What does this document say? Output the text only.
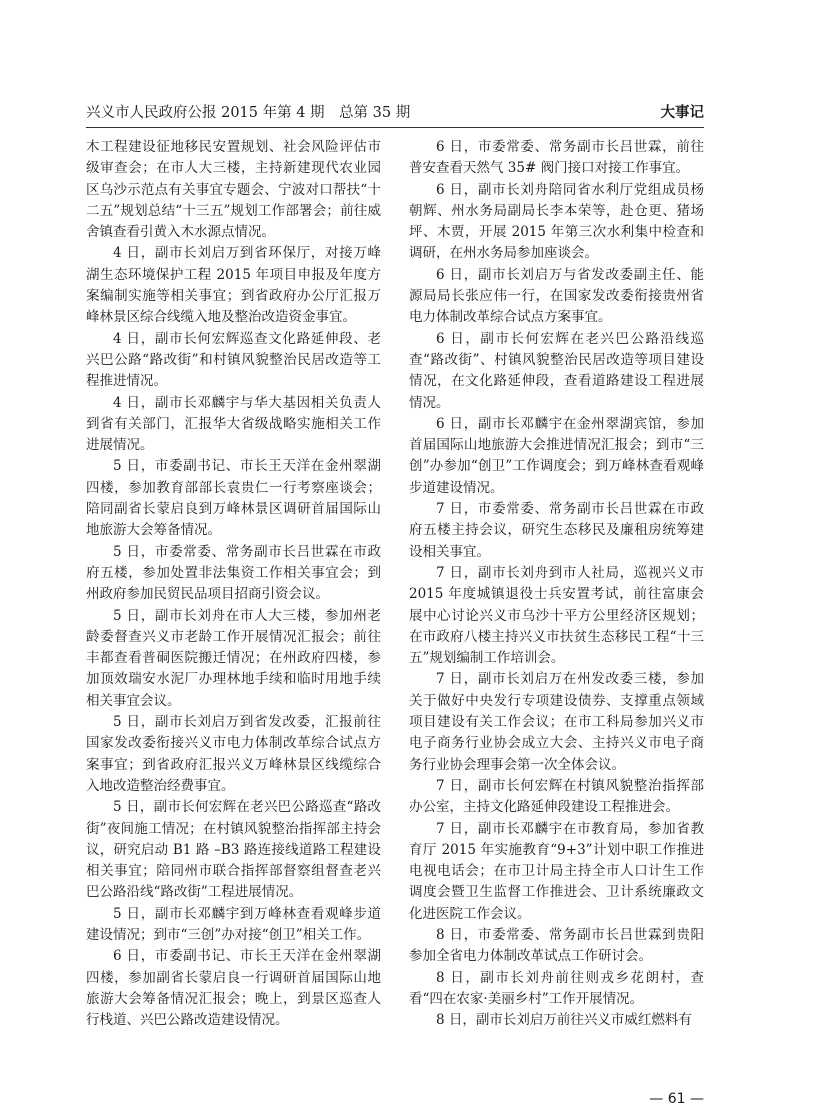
兴义市人民政府公报 2015 年第 4 期　总第 35 期	大事记

木工程建设征地移民安置规划、社会风险评估市级审查会；在市人大三楼，主持新建现代农业园区乌沙示范点有关事宜专题会、宁波对口帮扶“十二五”规划总结“十三五”规划工作部署会；前往威舍镇查看引黄入木水源点情况。

4 日，副市长刘启万到省环保厅，对接万峰湖生态环境保护工程 2015 年项目申报及年度方案编制实施等相关事宜；到省政府办公厅汇报万峰林景区综合线缆入地及整治改造资金事宜。

4 日，副市长何宏辉巡查文化路延伸段、老兴巴公路“路改街”和村镇风貌整治民居改造等工程推进情况。

4 日，副市长邓麟宇与华大基因相关负责人到省有关部门，汇报华大省级战略实施相关工作进展情况。

5 日，市委副书记、市长王天洋在金州翠湖四楼，参加教育部部长袁贵仁一行考察座谈会；陪同副省长蒙启良到万峰林景区调研首届国际山地旅游大会筹备情况。

5 日，市委常委、常务副市长吕世霖在市政府五楼，参加处置非法集资工作相关事宜会；到州政府参加民贸民品项目招商引资会议。

5 日，副市长刘舟在市人大三楼，参加州老龄委督查兴义市老龄工作开展情况汇报会；前往丰都查看普硐医院搬迁情况；在州政府四楼，参加顶效瑞安水泥厂办理林地手续和临时用地手续相关事宜会议。

5 日，副市长刘启万到省发改委，汇报前往国家发改委衔接兴义市电力体制改革综合试点方案事宜；到省政府汇报兴义万峰林景区线缆综合入地改造整治经费事宜。

5 日，副市长何宏辉在老兴巴公路巡查“路改街”夜间施工情况；在村镇风貌整治指挥部主持会议，研究启动 B1 路 –B3 路连接线道路工程建设相关事宜；陪同州市联合指挥部督察组督查老兴巴公路沿线“路改街”工程进展情况。

5 日，副市长邓麟宇到万峰林查看观峰步道建设情况；到市“三创”办对接“创卫”相关工作。

6 日，市委副书记、市长王天洋在金州翠湖四楼，参加副省长蒙启良一行调研首届国际山地旅游大会筹备情况汇报会；晚上，到景区巡查人行栈道、兴巴公路改造建设情况。

6 日，市委常委、常务副市长吕世霖，前往普安查看天然气 35# 阀门接口对接工作事宜。

6 日，副市长刘舟陪同省水利厅党组成员杨朝辉、州水务局副局长李本荣等，赴仓更、猪场坪、木贾，开展 2015 年第三次水利集中检查和调研，在州水务局参加座谈会。

6 日，副市长刘启万与省发改委副主任、能源局局长张应伟一行，在国家发改委衔接贵州省电力体制改革综合试点方案事宜。

6 日，副市长何宏辉在老兴巴公路沿线巡查“路改街”、村镇风貌整治民居改造等项目建设情况，在文化路延伸段，查看道路建设工程进展情况。

6 日，副市长邓麟宇在金州翠湖宾馆，参加首届国际山地旅游大会推进情况汇报会；到市“三创”办参加“创卫”工作调度会；到万峰林查看观峰步道建设情况。

7 日，市委常委、常务副市长吕世霖在市政府五楼主持会议，研究生态移民及廉租房统筹建设相关事宜。

7 日，副市长刘舟到市人社局，巡视兴义市 2015 年度城镇退役士兵安置考试，前往富康会展中心讨论兴义市乌沙十平方公里经济区规划；在市政府八楼主持兴义市扶贫生态移民工程“十三五”规划编制工作培训会。

7 日，副市长刘启万在州发改委三楼，参加关于做好中央发行专项建设债券、支撑重点领域项目建设有关工作会议；在市工科局参加兴义市电子商务行业协会成立大会、主持兴义市电子商务行业协会理事会第一次全体会议。

7 日，副市长何宏辉在村镇风貌整治指挥部办公室，主持文化路延伸段建设工程推进会。

7 日，副市长邓麟宇在市教育局，参加省教育厅 2015 年实施教育“9+3”计划中职工作推进电视电话会；在市卫计局主持全市人口计生工作调度会暨卫生监督工作推进会、卫计系统廉政文化进医院工作会议。

8 日，市委常委、常务副市长吕世霖到贵阳参加全省电力体制改革试点工作研讨会。

8 日，副市长刘舟前往则戎乡花朗村，查看“四在农家·美丽乡村”工作开展情况。

8 日，副市长刘启万前往兴义市威红燃料有

— 61 —
